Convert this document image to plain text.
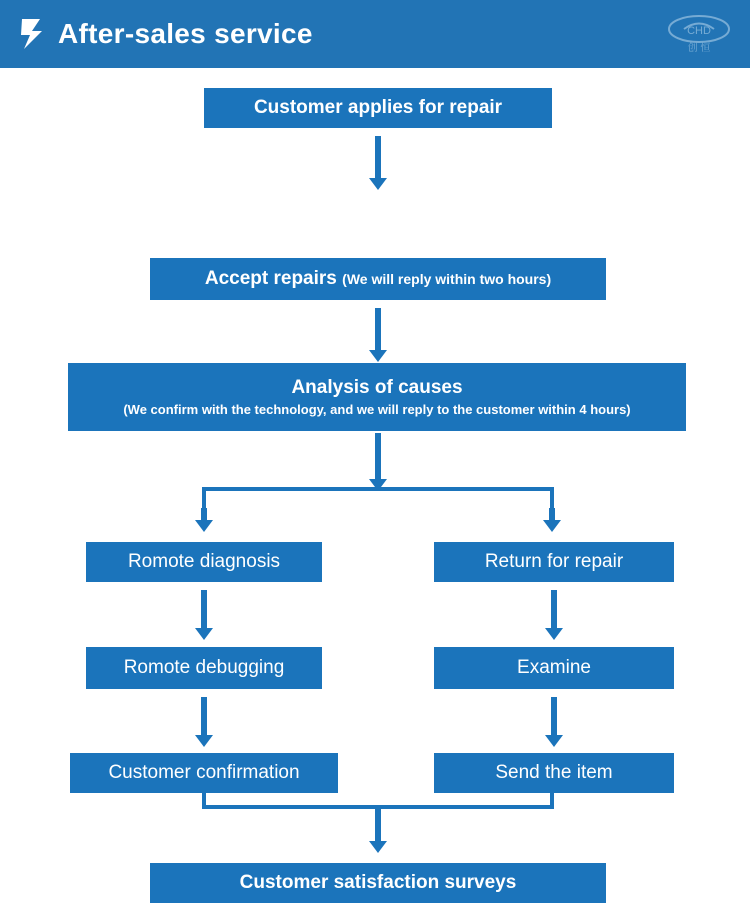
After-sales service	CHD
创 恒
Customer applies for repair
Accept repairs (We will reply within two hours)
Analysis of causes
(We confirm with the technology, and we will reply to the customer within 4 hours)
Romote diagnosis	Return for repair
Romote debugging	Examine
Customer confirmation	Send the item
Customer satisfaction surveys
